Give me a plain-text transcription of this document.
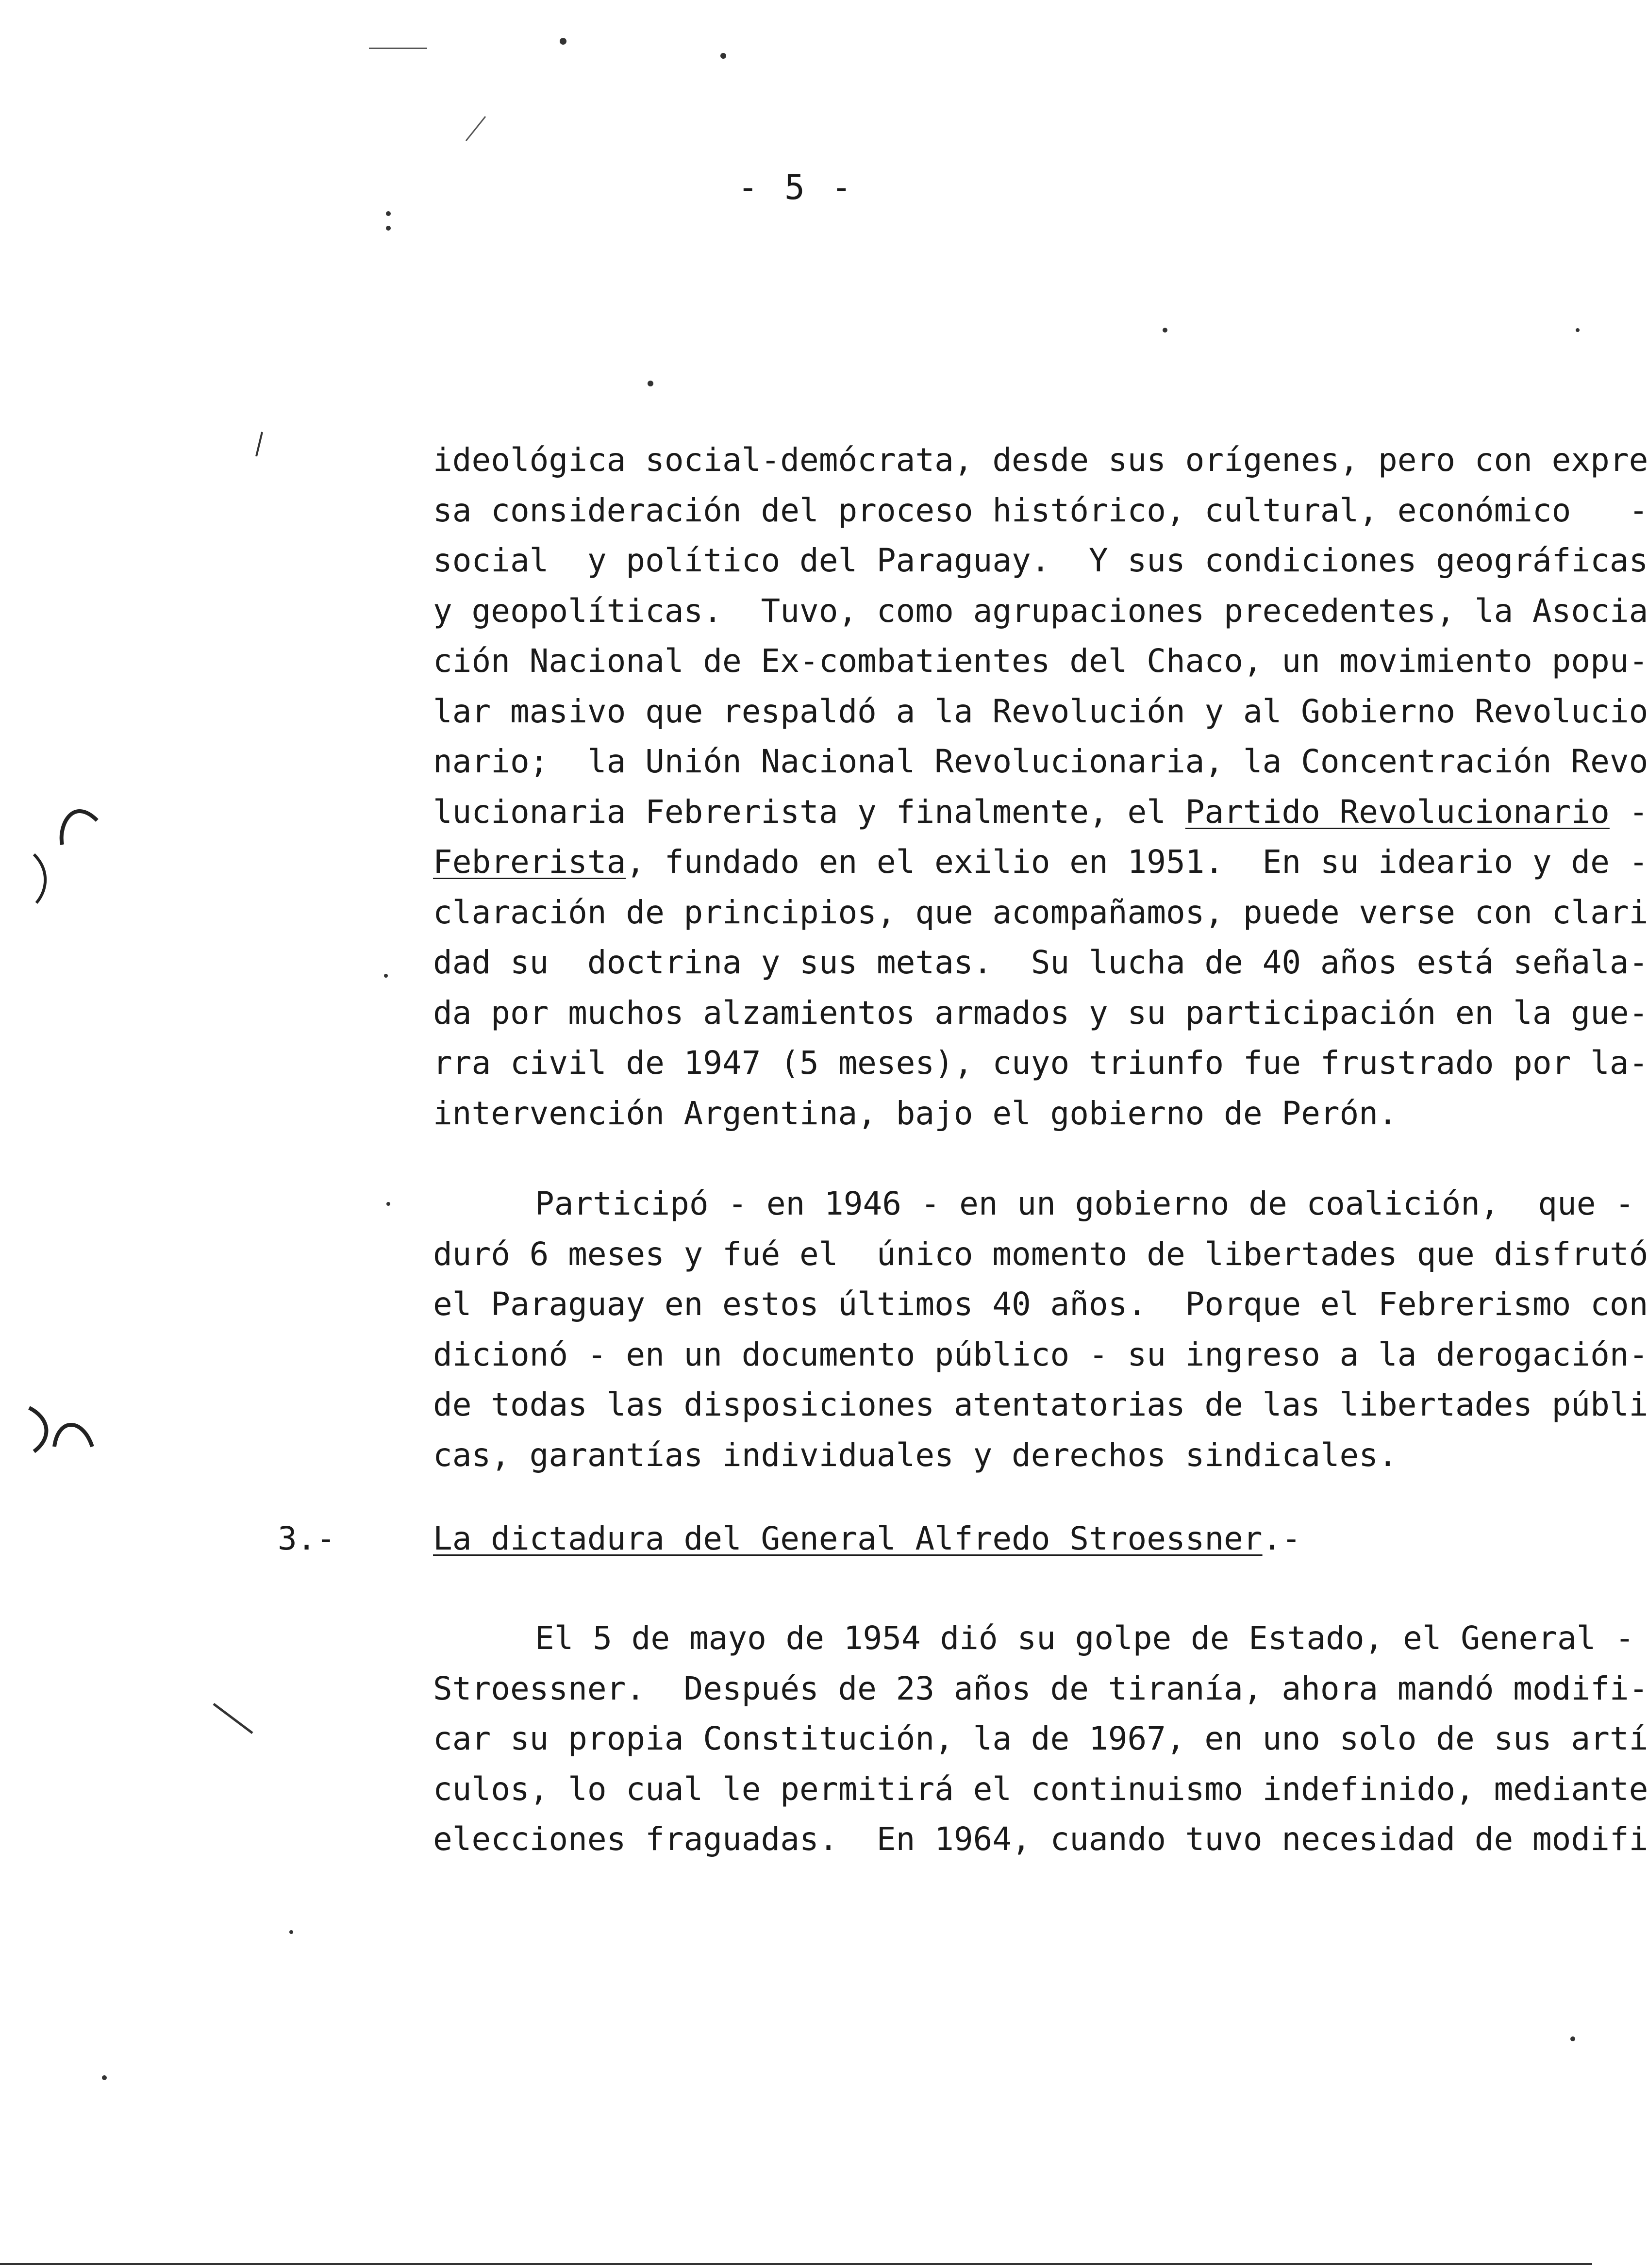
- 5 -
ideológica social-demócrata, desde sus orígenes, pero con expre
sa consideración del proceso histórico, cultural, económico   -
social  y político del Paraguay.  Y sus condiciones geográficas
y geopolíticas.  Tuvo, como agrupaciones precedentes, la Asocia
ción Nacional de Ex-combatientes del Chaco, un movimiento popu-
lar masivo que respaldó a la Revolución y al Gobierno Revolucio
nario;  la Unión Nacional Revolucionaria, la Concentración Revo
lucionaria Febrerista y finalmente, el Partido Revolucionario -
Febrerista, fundado en el exilio en 1951.  En su ideario y de -
claración de principios, que acompañamos, puede verse con clari
dad su  doctrina y sus metas.  Su lucha de 40 años está señala-
da por muchos alzamientos armados y su participación en la gue-
rra civil de 1947 (5 meses), cuyo triunfo fue frustrado por la-
intervención Argentina, bajo el gobierno de Perón.
Participó - en 1946 - en un gobierno de coalición,  que -
duró 6 meses y fué el  único momento de libertades que disfrutó
el Paraguay en estos últimos 40 años.  Porque el Febrerismo con
dicionó - en un documento público - su ingreso a la derogación-
de todas las disposiciones atentatorias de las libertades públi
cas, garantías individuales y derechos sindicales.
3.-	La dictadura del General Alfredo Stroessner.-
El 5 de mayo de 1954 dió su golpe de Estado, el General -
Stroessner.  Después de 23 años de tiranía, ahora mandó modifi-
car su propia Constitución, la de 1967, en uno solo de sus artí
culos, lo cual le permitirá el continuismo indefinido, mediante
elecciones fraguadas.  En 1964, cuando tuvo necesidad de modifi
